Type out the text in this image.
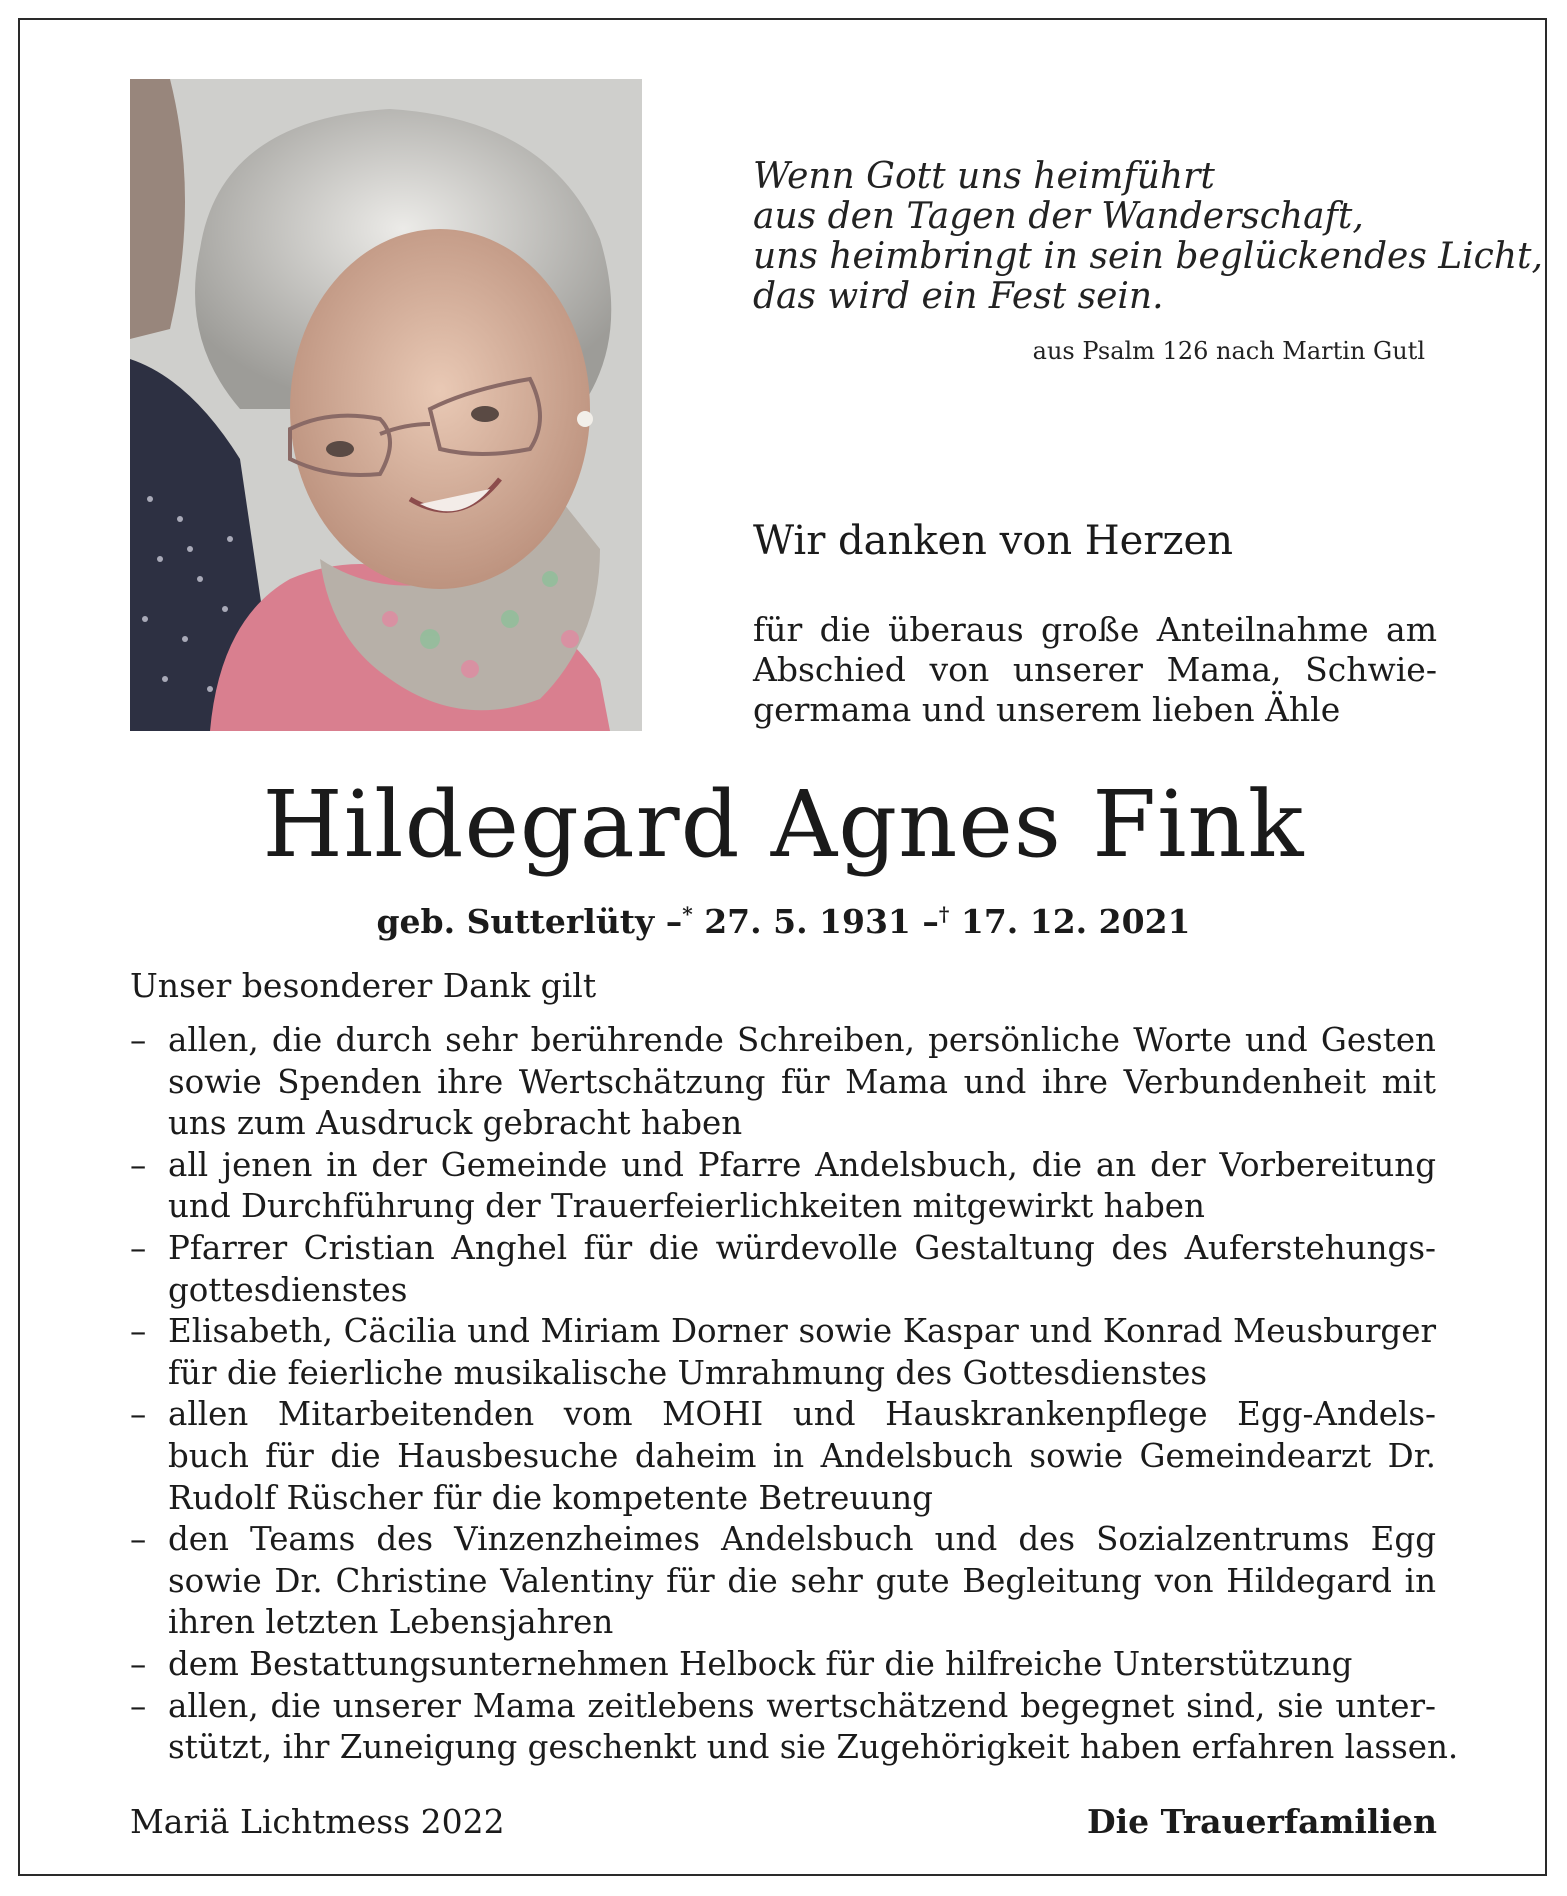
Wenn Gott uns heimführt
aus den Tagen der Wanderschaft,
uns heimbringt in sein beglückendes Licht,
das wird ein Fest sein.
aus Psalm 126 nach Martin Gutl
Wir danken von Herzen
für die überaus große Anteilnahme am
Abschied von unserer Mama, Schwie-
germama und unserem lieben Ähle
Hildegard Agnes Fink
geb. Sutterlüty –* 27. 5. 1931 –† 17. 12. 2021
Unser besonderer Dank gilt
– allen, die durch sehr berührende Schreiben, persönliche Worte und Gesten
sowie Spenden ihre Wertschätzung für Mama und ihre Verbundenheit mit
uns zum Ausdruck gebracht haben
– all jenen in der Gemeinde und Pfarre Andelsbuch, die an der Vorbereitung
und Durchführung der Trauerfeierlichkeiten mitgewirkt haben
– Pfarrer Cristian Anghel für die würdevolle Gestaltung des Auferstehungs-
gottesdienstes
– Elisabeth, Cäcilia und Miriam Dorner sowie Kaspar und Konrad Meusburger
für die feierliche musikalische Umrahmung des Gottesdienstes
– allen Mitarbeitenden vom MOHI und Hauskrankenpflege Egg-Andels-
buch für die Hausbesuche daheim in Andelsbuch sowie Gemeindearzt Dr.
Rudolf Rüscher für die kompetente Betreuung
– den Teams des Vinzenzheimes Andelsbuch und des Sozialzentrums Egg
sowie Dr. Christine Valentiny für die sehr gute Begleitung von Hildegard in
ihren letzten Lebensjahren
– dem Bestattungsunternehmen Helbock für die hilfreiche Unterstützung
– allen, die unserer Mama zeitlebens wertschätzend begegnet sind, sie unter-
stützt, ihr Zuneigung geschenkt und sie Zugehörigkeit haben erfahren lassen.
Mariä Lichtmess 2022	Die Trauerfamilien
